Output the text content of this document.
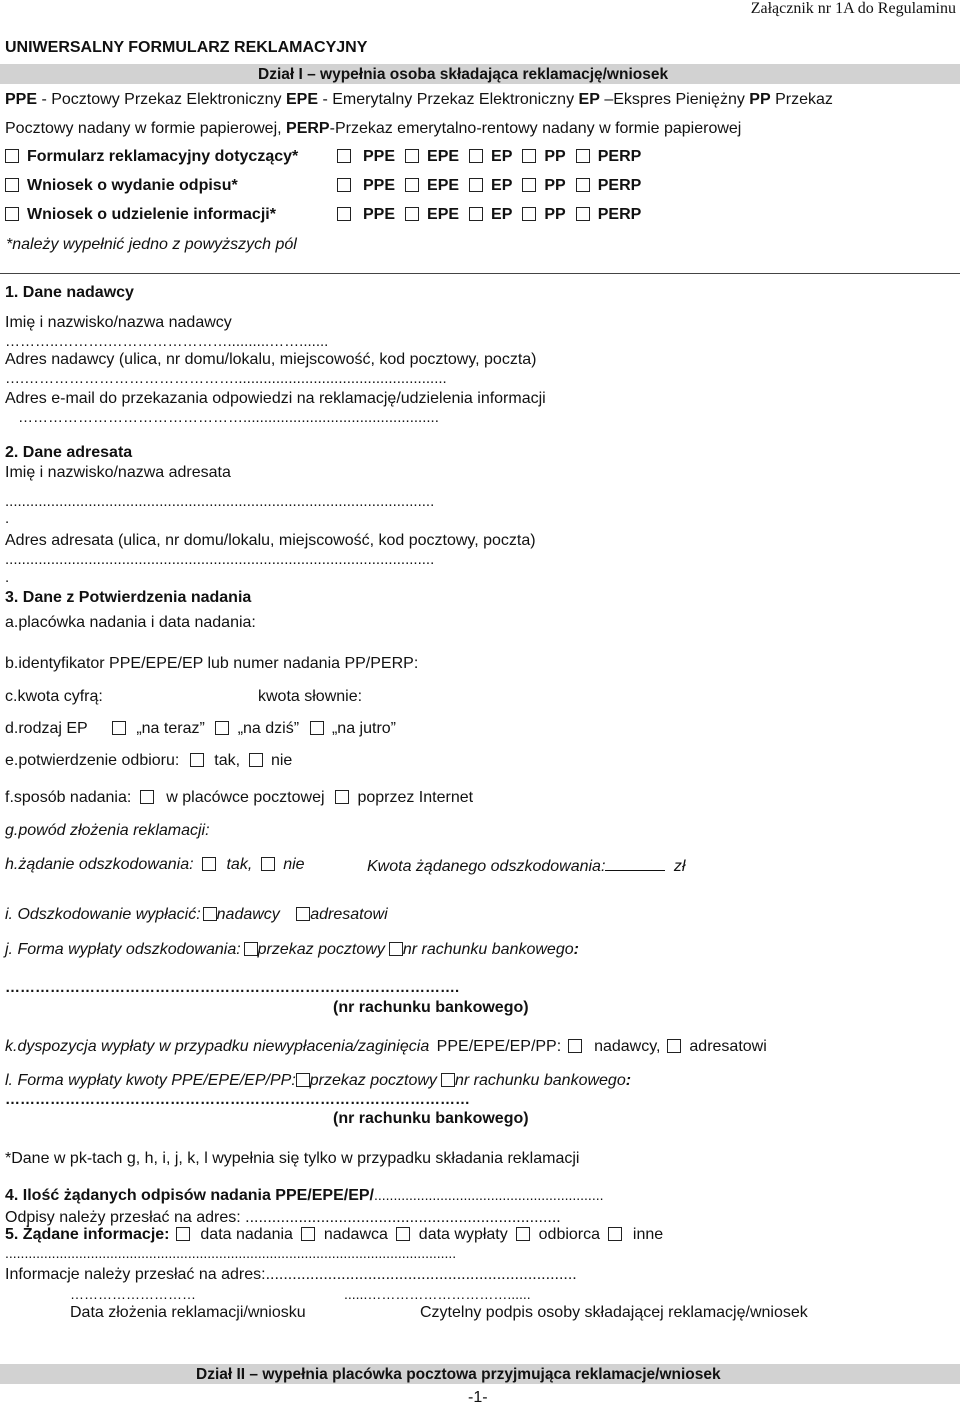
Załącznik nr 1A do Regulaminu
UNIWERSALNY FORMULARZ REKLAMACYJNY
Dział I – wypełnia osoba składająca reklamację/wniosek
PPE - Pocztowy Przekaz Elektroniczny EPE - Emerytalny Przekaz Elektroniczny EP –Ekspres Pieniężny PP Przekaz
Pocztowy nadany w formie papierowej, PERP-Przekaz emerytalno-rentowy nadany w formie papierowej
Formularz reklamacyjny dotyczący*	PPE EPE EP PP PERP
Wniosek o wydanie odpisu*	PPE EPE EP PP PERP
Wniosek o udzielenie informacji*	PPE EPE EP PP PERP
*należy wypełnić jedno z powyższych pól
1. Dane nadawcy
Imię i nazwisko/nazwa nadawcy
………..……….……………………..........…….......
Adres nadawcy (ulica, nr domu/lokalu, miejscowość, kod pocztowy, poczta)
….……………………………………...................................................
Adres e-mail do przekazania odpowiedzi na reklamację/udzielenia informacji
………………………………………...............................................
2. Dane adresata
Imię i nazwisko/nazwa adresata
.......................................................................................................
.
Adres adresata (ulica, nr domu/lokalu, miejscowość, kod pocztowy, poczta)
.......................................................................................................
.
3. Dane z Potwierdzenia nadania
a.placówka nadania i data nadania:
b.identyfikator PPE/EPE/EP lub numer nadania PP/PERP:
c.kwota cyfrą:	kwota słownie:
d.rodzaj EP	„na teraz” „na dziś” „na jutro”
e.potwierdzenie odbioru: tak, nie
f.sposób nadania: w placówce pocztowej poprzez Internet
g.powód złożenia reklamacji:
h.żądanie odszkodowania: tak, nie	Kwota żądanego odszkodowania:	zł
i. Odszkodowanie wypłacić: nadawcy adresatowi
j. Forma wypłaty odszkodowania: przekaz pocztowy nr rachunku bankowego:
……………………………………………………………………………….
(nr rachunku bankowego)
k.dyspozycja wypłaty w przypadku niewypłacenia/zaginięcia PPE/EPE/EP/PP: nadawcy, adresatowi
l. Forma wypłaty kwoty PPE/EPE/EP/PP: przekaz pocztowy nr rachunku bankowego:
…………………………………………………………………………………
(nr rachunku bankowego)
*Dane w pk-tach g, h, i, j, k, l wypełnia się tylko w przypadku składania reklamacji
4. Ilość żądanych odpisów nadania PPE/EPE/EP/...........................................................
Odpisy należy przesłać na adres: .......................................................................
5. Żądane informacje: data nadania nadawca data wypłaty odbiorca inne
....................................................................................................................
Informacje należy przesłać na adres:......................................................................
………………………	......…………………………......
Data złożenia reklamacji/wniosku	Czytelny podpis osoby składającej reklamację/wniosek
Dział II – wypełnia placówka pocztowa przyjmująca reklamacje/wniosek
-1-
